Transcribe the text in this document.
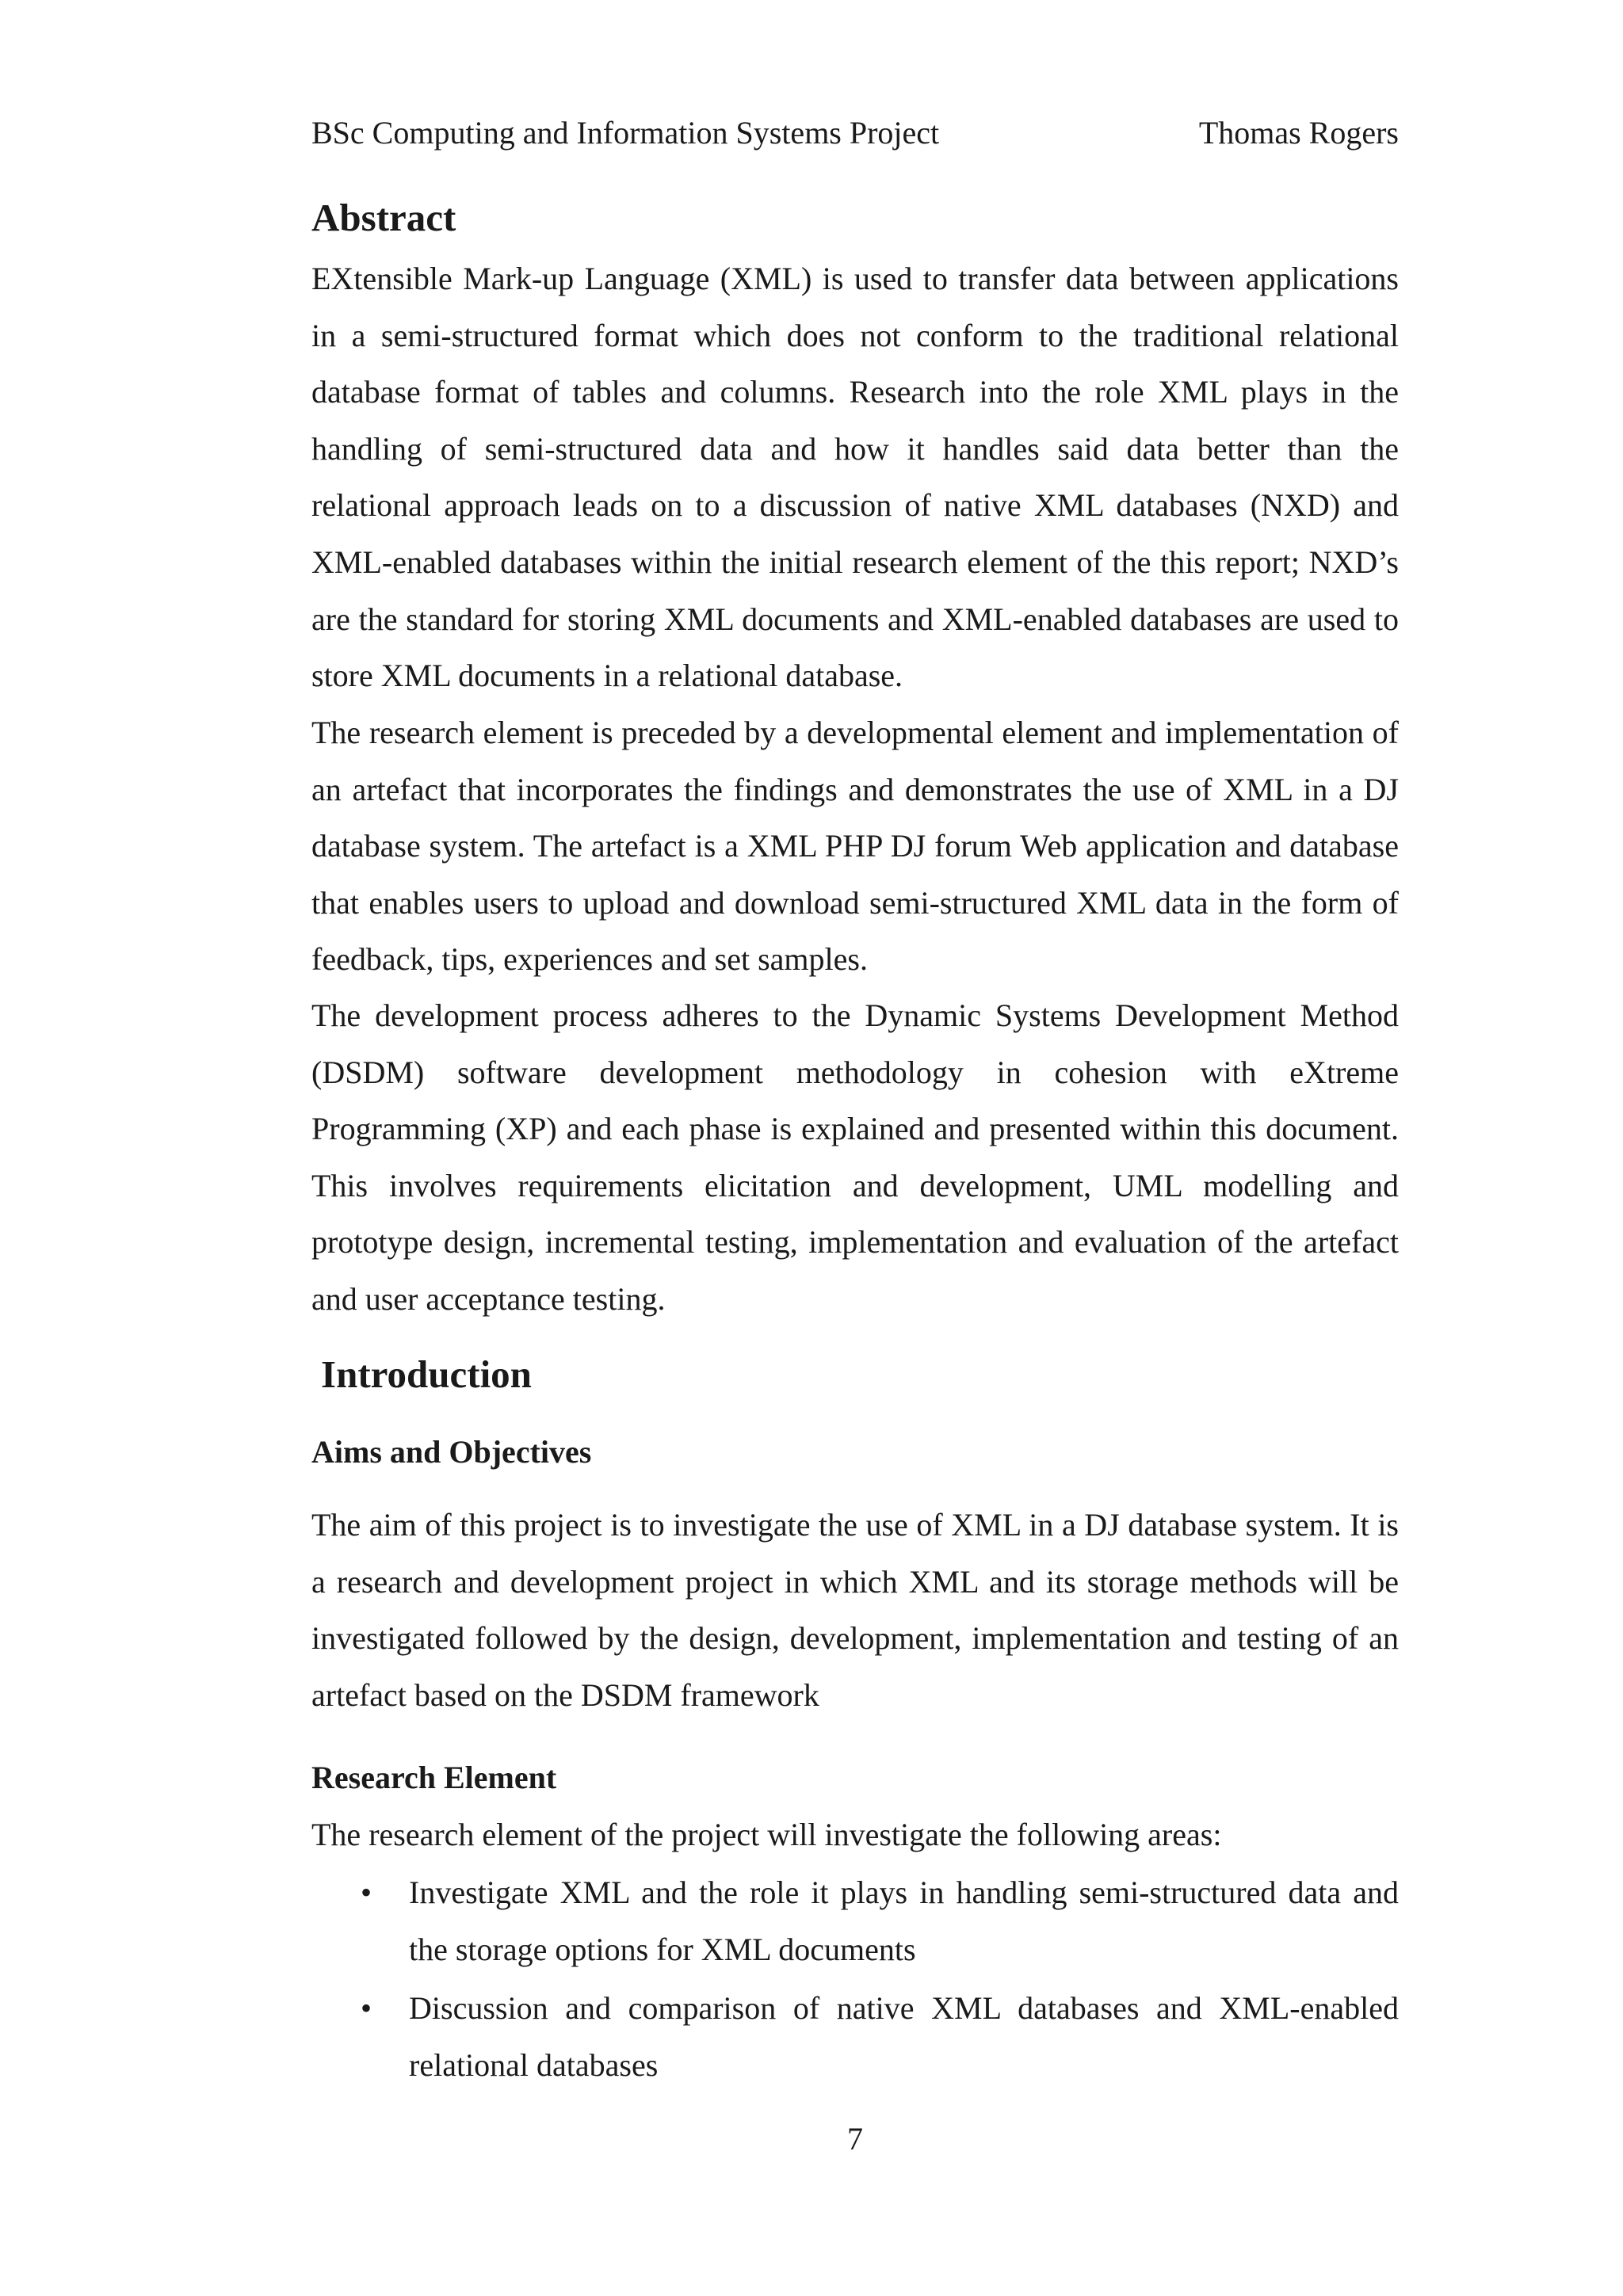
BSc Computing and Information Systems Project	Thomas Rogers
Abstract

EXtensible Mark-up Language (XML) is used to transfer data between applications in a semi-structured format which does not conform to the traditional relational database format of tables and columns. Research into the role XML plays in the handling of semi-structured data and how it handles said data better than the relational approach leads on to a discussion of native XML databases (NXD) and XML-enabled databases within the initial research element of the this report; NXD’s are the standard for storing XML documents and XML-enabled databases are used to store XML documents in a relational database.

The research element is preceded by a developmental element and implementation of an artefact that incorporates the findings and demonstrates the use of XML in a DJ database system. The artefact is a XML PHP DJ forum Web application and database that enables users to upload and download semi-structured XML data in the form of feedback, tips, experiences and set samples.

The development process adheres to the Dynamic Systems Development Method (DSDM) software development methodology in cohesion with eXtreme Programming (XP) and each phase is explained and presented within this document. This involves requirements elicitation and development, UML modelling and prototype design, incremental testing, implementation and evaluation of the artefact and user acceptance testing.

Introduction
Aims and Objectives

The aim of this project is to investigate the use of XML in a DJ database system. It is a research and development project in which XML and its storage methods will be investigated followed by the design, development, implementation and testing of an artefact based on the DSDM framework

Research Element

The research element of the project will investigate the following areas:

• Investigate XML and the role it plays in handling semi-structured data and the storage options for XML documents
• Discussion and comparison of native XML databases and XML-enabled relational databases
7
